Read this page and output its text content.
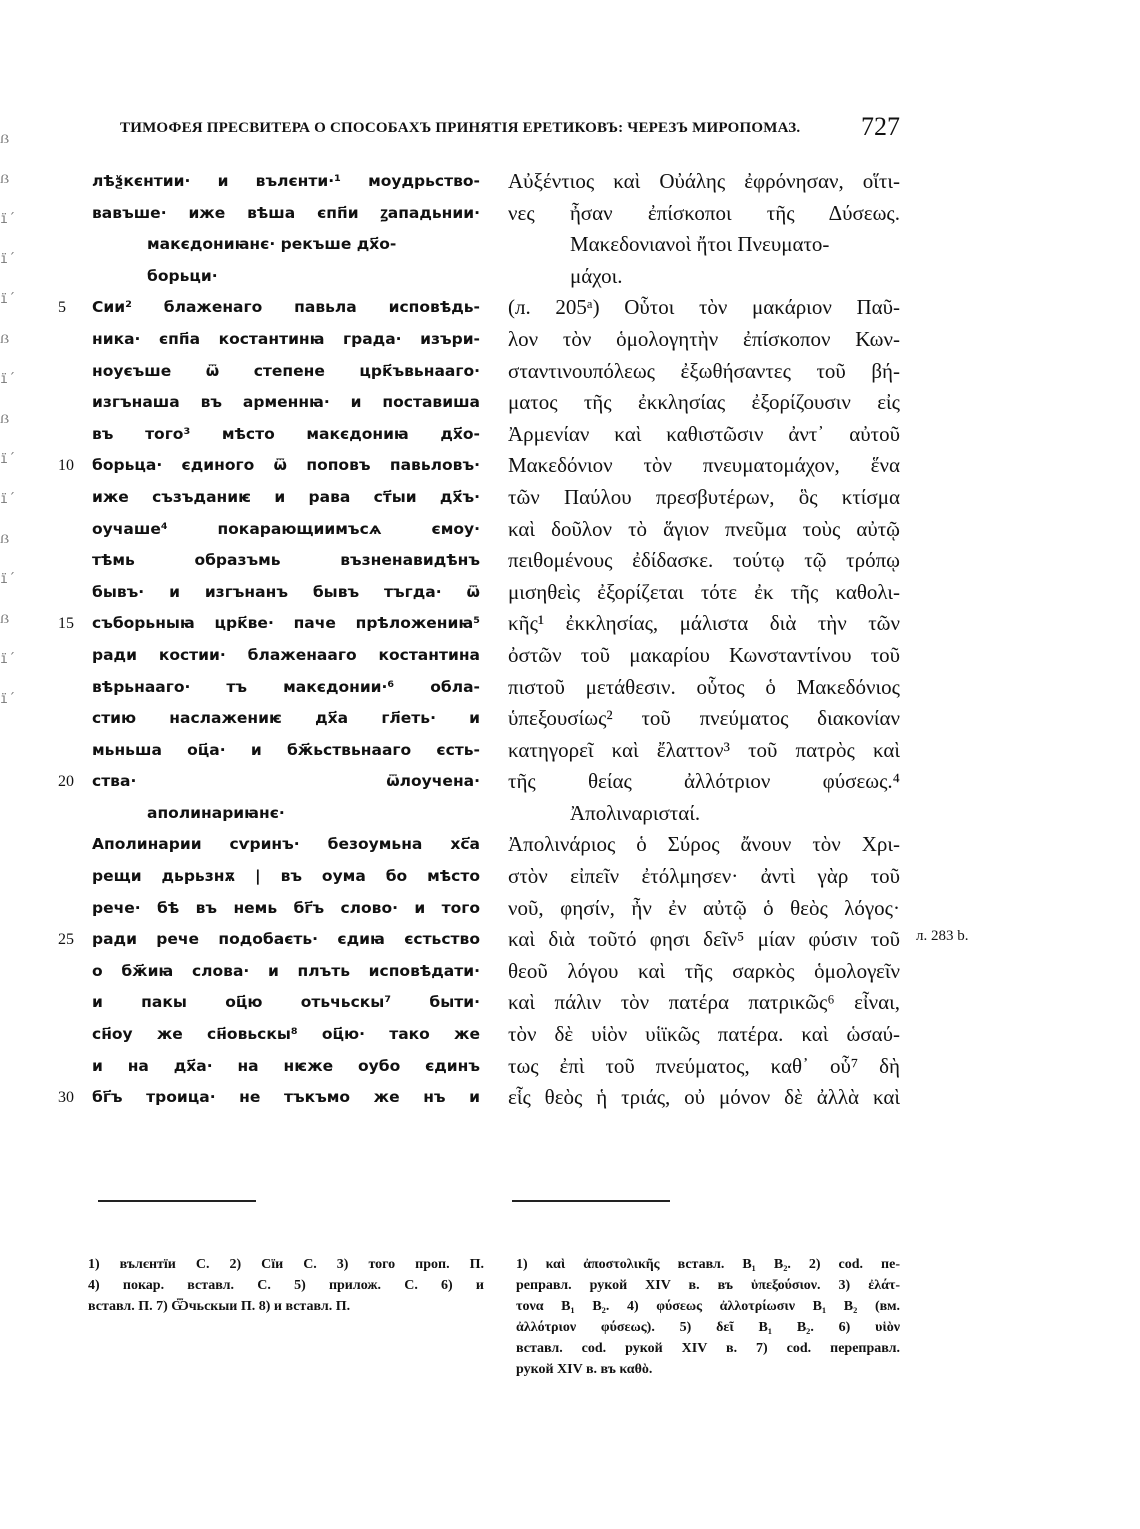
ẞ
ẞ
ḯ
ḯ
ḯ
ẞ
ḯ
ẞ
ḯ
ḯ
ẞ
ḯ
ẞ
ḯ
ḯ
ТИМОФЕЯ ПРЕСВИТЕРА О СПОСОБАХЪ ПРИНЯТІЯ ЕРЕТИКОВЪ: ЧЕРЕЗЪ МИРОПОМАЗ. 727
лѣѯкєнтии· и вълєнти·¹ моудрьство-
вавъше· иже вѣша єпп҃и ꙁападьнии·
макєдониꙗнє· рекъше дх҃о-
борьци·
Сии² блаженаго павьла исповѣдь-
ника· єпп҃а костантинꙗ града· изъри-
ноуєъше ѿ степене црк҃ъвьнааго·
изгънаша въ арменнꙗ· и поставиша
въ того³ мѣсто макєдониꙗ дх҃о-
борьца· єдиного ѿ поповъ павьловъ·
иже съзъданиѥ и рава ст҃ыи дх҃ъ·
оучаше⁴ покарающиимъсѧ ємоу·
тѣмь образъмь възненавидѣнъ
бывъ· и изгънанъ бывъ тъгда· ѿ
съборьныꙗ црк҃ве· паче прѣложениꙗ⁵
ради костии· блаженааго костантина
вѣрьнааго· тъ макєдонии·⁶ обла-
стию наслажениѥ дх҃а гл҃еть· и
мьньша оц҃а· и бж҃ьствьнааго єсть-
ства· ѿлоучена·
аполинариꙗнє·
Аполинарии сѵринъ· безоумьна хс҃а
рещи дьрьзнѫ | въ оума бо мѣсто
рече· бѣ въ немь бг҃ъ слово· и того
ради рече подобаєть· єдиꙗ єстьство
о бж҃иꙗ слова· и плъть исповѣдати·
и пакы оц҃ю отьчьскы⁷ быти·
сн҃оу же сн҃овьскы⁸ оц҃ю· тако же
и на дх҃а· на нѥже оубо єдинъ
бг҃ъ троица· не тъкъмо же нъ и
Αὐξέντιος καὶ Οὐάλης ἐφρόνησαν, οἵτι-
νες ἦσαν ἐπίσκοποι τῆς Δύσεως.
Μακεδονιανοὶ ἤτοι Πνευματο-
μάχοι.
(л. 205ᵃ) Οὗτοι τὸν μακάριον Παῦ-
λον τὸν ὁμολογητὴν ἐπίσκοπον Κων-
σταντινουπόλεως ἐξωθήσαντες τοῦ βή-
ματος τῆς ἐκκλησίας ἐξορίζουσιν εἰς
Ἀρμενίαν καὶ καθιστῶσιν ἀντ᾽ αὐτοῦ
Μακεδόνιον τὸν πνευματομάχον, ἕνα
τῶν Παύλου πρεσβυτέρων, ὃς κτίσμα
καὶ δοῦλον τὸ ἅγιον πνεῦμα τοὺς αὐτῷ
πειθομένους ἐδίδασκε. τούτῳ τῷ τρόπῳ
μισηθεὶς ἐξορίζεται τότε ἐκ τῆς καθολι-
κῆς¹ ἐκκλησίας, μάλιστα διὰ τὴν τῶν
ὀστῶν τοῦ μακαρίου Κωνσταντίνου τοῦ
πιστοῦ μετάθεσιν. οὗτος ὁ Μακεδόνιος
ὑπεξουσίως² τοῦ πνεύματος διακονίαν
κατηγορεῖ καὶ ἔλαττον³ τοῦ πατρὸς καὶ
τῆς θείας ἀλλότριον φύσεως.⁴
Ἀπολιναρισταί.
Ἀπολινάριος ὁ Σύρος ἄνουν τὸν Χρι-
στὸν εἰπεῖν ἐτόλμησεν· ἀντὶ γὰρ τοῦ
νοῦ, φησίν, ἦν ἐν αὐτῷ ὁ θεὸς λόγος·
καὶ διὰ τοῦτό φησι δεῖν⁵ μίαν φύσιν τοῦ
θεοῦ λόγου καὶ τῆς σαρκὸς ὁμολογεῖν
καὶ πάλιν τὸν πατέρα πατρικῶς⁶ εἶναι,
τὸν δὲ υἱὸν υἱϊκῶς πατέρα. καὶ ὡσαύ-
τως ἐπὶ τοῦ πνεύματος, καθ᾽ οὗ⁷ δὴ
εἷς θεὸς ἡ τριάς, οὐ μόνον δὲ ἀλλὰ καὶ
5
10
15
20
25
30
л. 283 b.
1) вълєнтїи С. 2) Сїи С. 3) того проп. П.
4) покар. вставл. С. 5) прилож. С. 6) и
вставл. П. 7) Ѿчьскыи П. 8) и вставл. П.
1) καὶ ἀποστολικῆς вставл. B₁ B₂. 2) cod. пе-
реправл. рукой XIV в. въ ὑπεξούσιον. 3) ἐλάτ-
τονα B₁ B₂. 4) φύσεως ἀλλοτρίωσιν B₁ B₂ (вм.
ἀλλότριον φύσεως). 5) δεῖ B₁ B₂. 6) υἱὸν
вставл. cod. рукой XIV в. 7) cod. переправл.
рукой XIV в. въ καθὸ.
